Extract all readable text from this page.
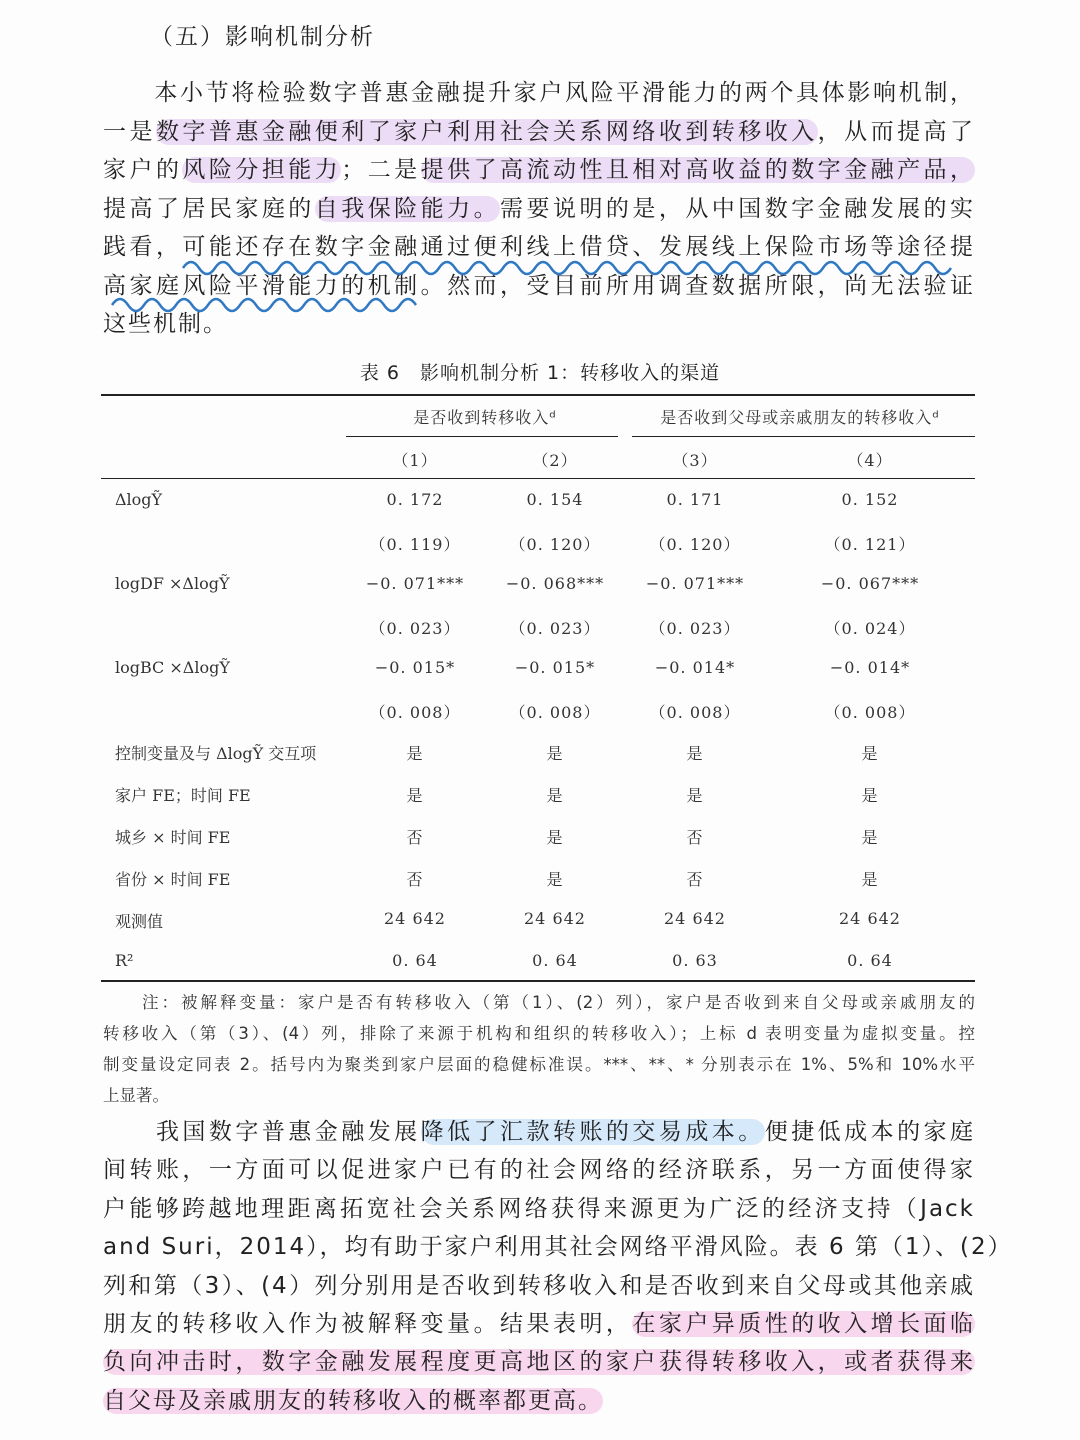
（五）影响机制分析
　　本小节将检验数字普惠金融提升家户风险平滑能力的两个具体影响机制，
一是数字普惠金融便利了家户利用社会关系网络收到转移收入，从而提高了
家户的风险分担能力；二是提供了高流动性且相对高收益的数字金融产品，
提高了居民家庭的自我保险能力。需要说明的是，从中国数字金融发展的实
践看，可能还存在数字金融通过便利线上借贷、发展线上保险市场等途径提
高家庭风险平滑能力的机制。然而，受目前所用调查数据所限，尚无法验证
这些机制。
表 6　影响机制分析 1：转移收入的渠道
是否收到转移收入ᵈ	是否收到父母或亲戚朋友的转移收入ᵈ
（1）	（2）	（3）	（4）
ΔlogỸ	0. 172	0. 154	0. 171	0. 152
（0. 119）	（0. 120）	（0. 120）	（0. 121）
logDF ×ΔlogỸ	−0. 071***	−0. 068***	−0. 071***	−0. 067***
（0. 023）	（0. 023）	（0. 023）	（0. 024）
logBC ×ΔlogỸ	−0. 015*	−0. 015*	−0. 014*	−0. 014*
（0. 008）	（0. 008）	（0. 008）	（0. 008）
控制变量及与 ΔlogỸ 交互项	是	是	是	是
家户 FE；时间 FE	是	是	是	是
城乡 × 时间 FE	否	是	否	是
省份 × 时间 FE	否	是	否	是
观测值	24 642	24 642	24 642	24 642
R²	0. 64	0. 64	0. 63	0. 64
　　注：被解释变量：家户是否有转移收入（第（1）、(2）列），家户是否收到来自父母或亲戚朋友的
转移收入（第（3）、(4）列，排除了来源于机构和组织的转移收入）；上标 d 表明变量为虚拟变量。控
制变量设定同表 2。括号内为聚类到家户层面的稳健标准误。***、**、* 分别表示在 1%、5%和 10%水平
上显著。
　　我国数字普惠金融发展降低了汇款转账的交易成本。便捷低成本的家庭
间转账，一方面可以促进家户已有的社会网络的经济联系，另一方面使得家
户能够跨越地理距离拓宽社会关系网络获得来源更为广泛的经济支持（Jack
and Suri，2014），均有助于家户利用其社会网络平滑风险。表 6 第（1）、(2）
列和第（3）、(4）列分别用是否收到转移收入和是否收到来自父母或其他亲戚
朋友的转移收入作为被解释变量。结果表明，在家户异质性的收入增长面临
负向冲击时，数字金融发展程度更高地区的家户获得转移收入，或者获得来
自父母及亲戚朋友的转移收入的概率都更高。
